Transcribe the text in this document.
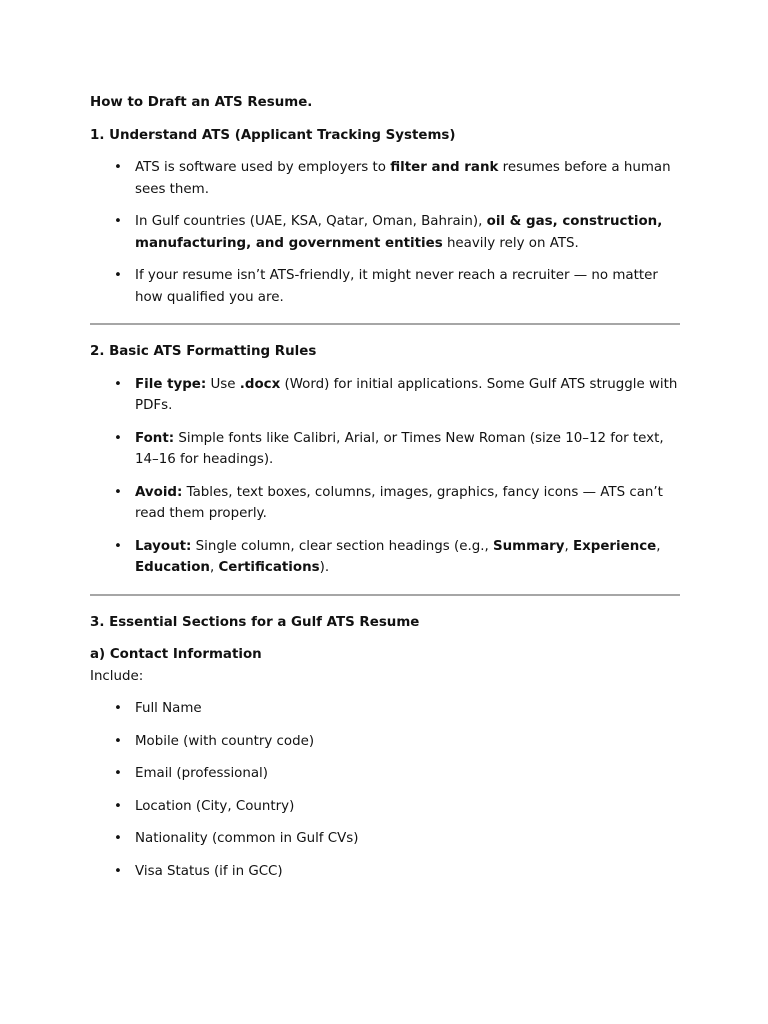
How to Draft an ATS Resume.

1. Understand ATS (Applicant Tracking Systems)

• ATS is software used by employers to filter and rank resumes before a human sees them.
• In Gulf countries (UAE, KSA, Qatar, Oman, Bahrain), oil & gas, construction, manufacturing, and government entities heavily rely on ATS.
• If your resume isn’t ATS-friendly, it might never reach a recruiter — no matter how qualified you are.

2. Basic ATS Formatting Rules

• File type: Use .docx (Word) for initial applications. Some Gulf ATS struggle with PDFs.
• Font: Simple fonts like Calibri, Arial, or Times New Roman (size 10–12 for text, 14–16 for headings).
• Avoid: Tables, text boxes, columns, images, graphics, fancy icons — ATS can’t read them properly.
• Layout: Single column, clear section headings (e.g., Summary, Experience, Education, Certifications).

3. Essential Sections for a Gulf ATS Resume

a) Contact Information

Include:

• Full Name
• Mobile (with country code)
• Email (professional)
• Location (City, Country)
• Nationality (common in Gulf CVs)
• Visa Status (if in GCC)
